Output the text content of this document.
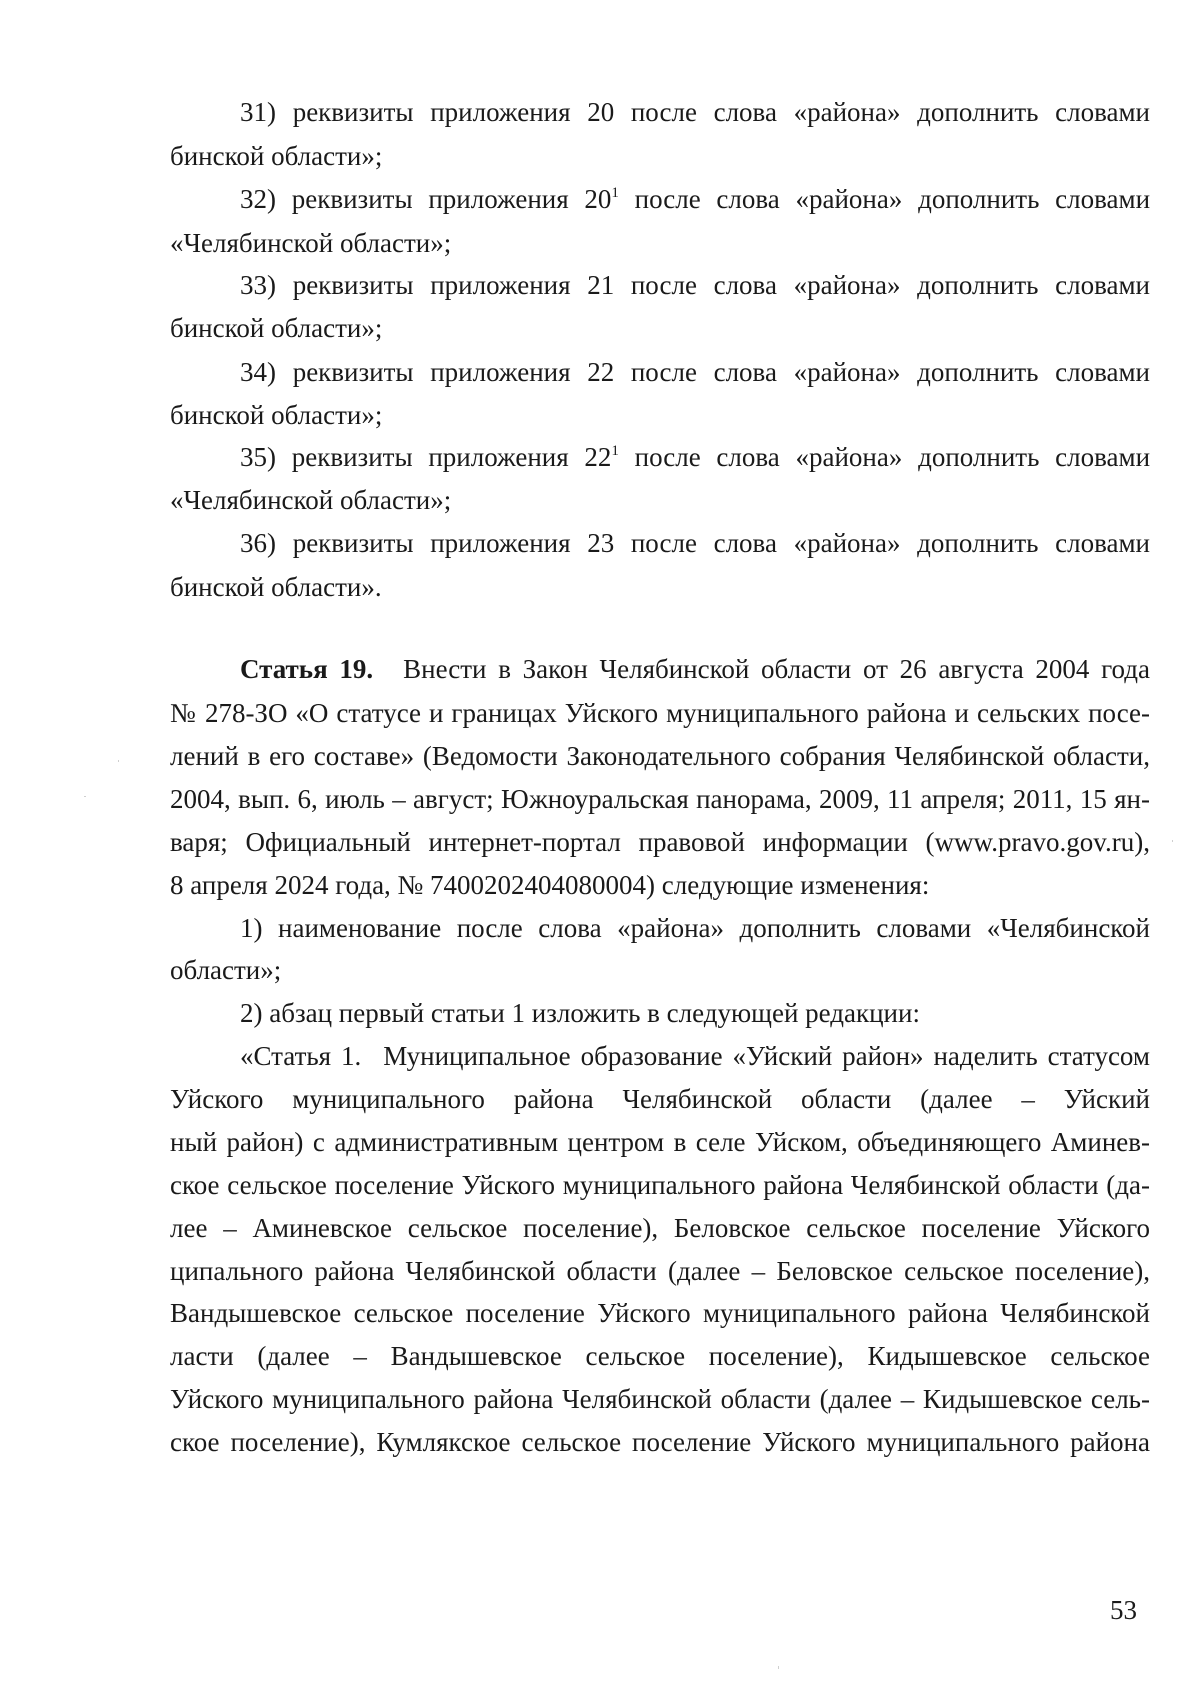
31) реквизиты приложения 20 после слова «района» дополнить словами
бинской области»;
32) реквизиты приложения $20^1$ после слова «района» дополнить словами
«Челябинской области»;
33) реквизиты приложения 21 после слова «района» дополнить словами
бинской области»;
34) реквизиты приложения 22 после слова «района» дополнить словами
бинской области»;
35) реквизиты приложения $22^1$ после слова «района» дополнить словами
«Челябинской области»;
36) реквизиты приложения 23 после слова «района» дополнить словами
бинской области».
Статья 19. Внести в Закон Челябинской области от 26 августа 2004 года
№ 278-ЗО «О статусе и границах Уйского муниципального района и сельских посе-
лений в его составе» (Ведомости Законодательного собрания Челябинской области,
2004, вып. 6, июль – август; Южноуральская панорама, 2009, 11 апреля; 2011, 15 ян-
варя; Официальный интернет-портал правовой информации (www.pravo.gov.ru),
8 апреля 2024 года, № 7400202404080004) следующие изменения:
1) наименование после слова «района» дополнить словами «Челябинской
области»;
2) абзац первый статьи 1 изложить в следующей редакции:
«Статья 1. Муниципальное образование «Уйский район» наделить статусом
Уйского муниципального района Челябинской области (далее – Уйский
ный район) с административным центром в селе Уйском, объединяющего Аминев-
ское сельское поселение Уйского муниципального района Челябинской области (да-
лее – Аминевское сельское поселение), Беловское сельское поселение Уйского
ципального района Челябинской области (далее – Беловское сельское поселение),
Вандышевское сельское поселение Уйского муниципального района Челябинской
ласти (далее – Вандышевское сельское поселение), Кидышевское сельское
Уйского муниципального района Челябинской области (далее – Кидышевское сель-
ское поселение), Кумлякское сельское поселение Уйского муниципального района
53
